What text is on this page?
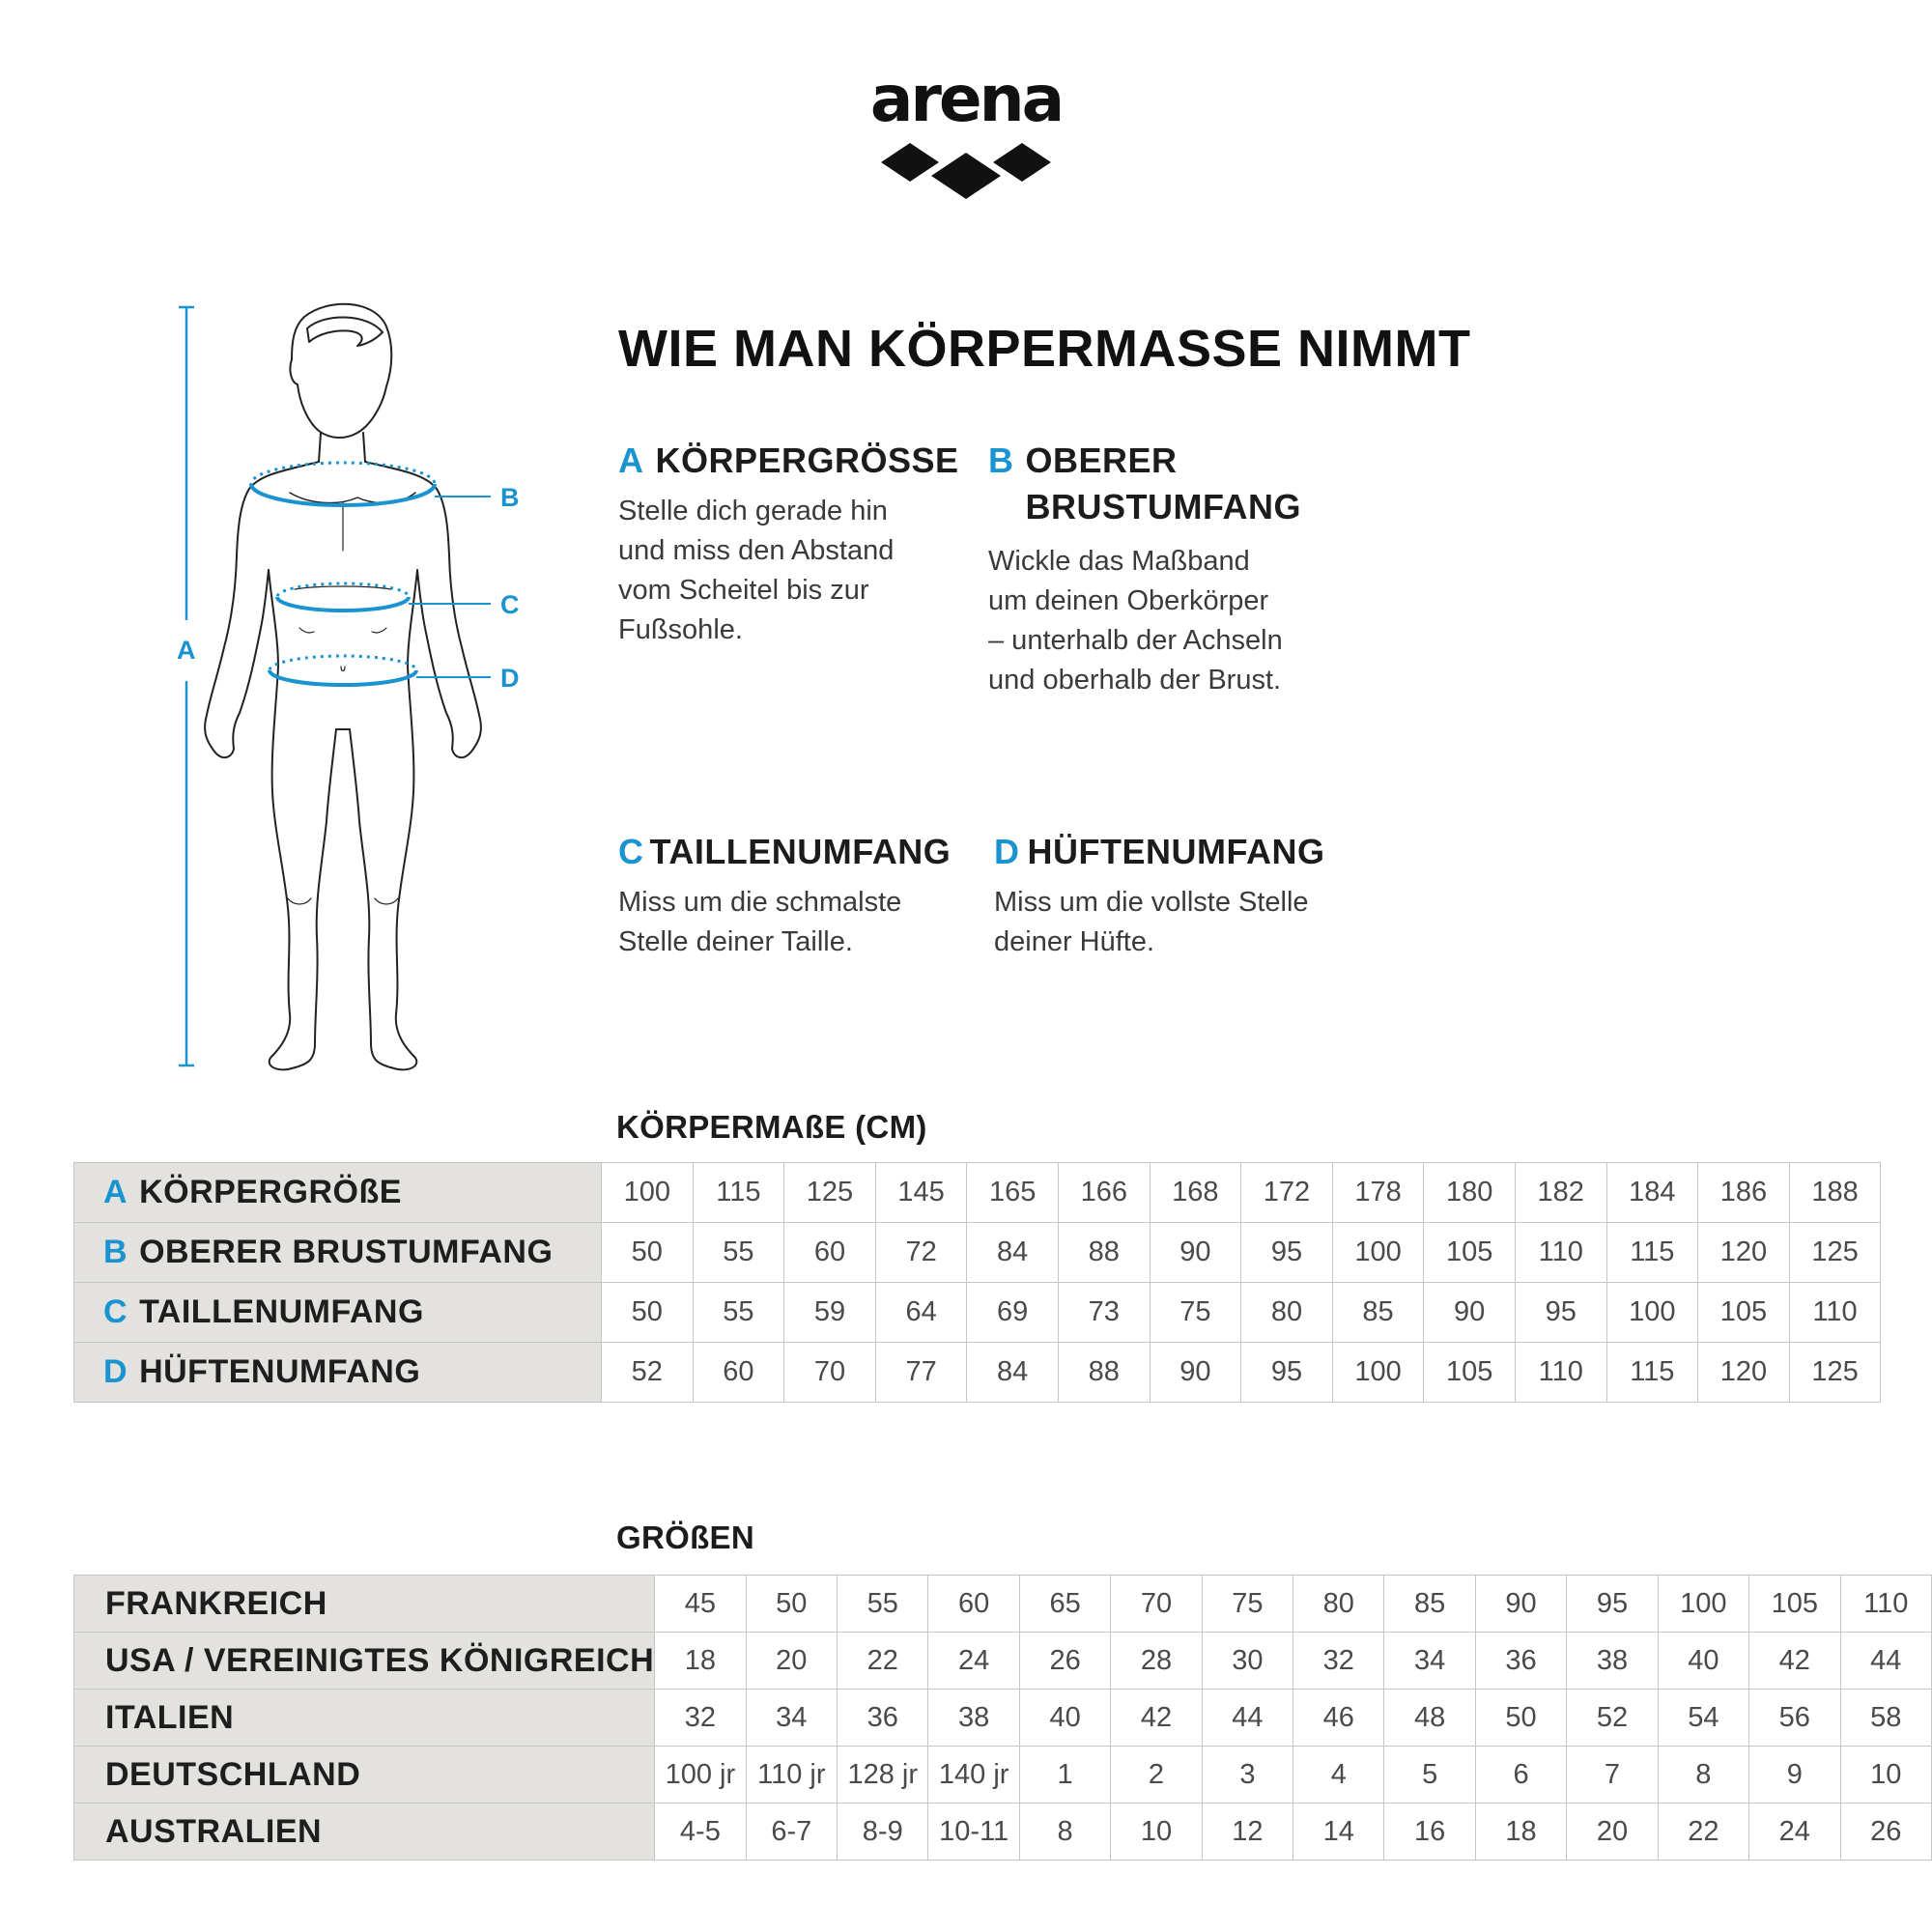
arena
B
C
D
A
WIE MAN KÖRPERMASSE NIMMT
A KÖRPERGRÖSSE
Stelle dich gerade hin
und miss den Abstand
vom Scheitel bis zur
Fußsohle.
B OBERER
BRUSTUMFANG
Wickle das Maßband
um deinen Oberkörper
– unterhalb der Achseln
und oberhalb der Brust.
C TAILLENUMFANG
Miss um die schmalste
Stelle deiner Taille.
D HÜFTENUMFANG
Miss um die vollste Stelle
deiner Hüfte.
KÖRPERMAßE (CM)
A KÖRPERGRÖßE	100	115	125	145	165	166	168	172	178	180	182	184	186	188
B OBERER BRUSTUMFANG	50	55	60	72	84	88	90	95	100	105	110	115	120	125
C TAILLENUMFANG	50	55	59	64	69	73	75	80	85	90	95	100	105	110
D HÜFTENUMFANG	52	60	70	77	84	88	90	95	100	105	110	115	120	125
GRÖßEN
FRANKREICH	45	50	55	60	65	70	75	80	85	90	95	100	105	110
USA / VEREINIGTES KÖNIGREICH	18	20	22	24	26	28	30	32	34	36	38	40	42	44
ITALIEN	32	34	36	38	40	42	44	46	48	50	52	54	56	58
DEUTSCHLAND	100 jr	110 jr	128 jr	140 jr	1	2	3	4	5	6	7	8	9	10
AUSTRALIEN	4-5	6-7	8-9	10-11	8	10	12	14	16	18	20	22	24	26
